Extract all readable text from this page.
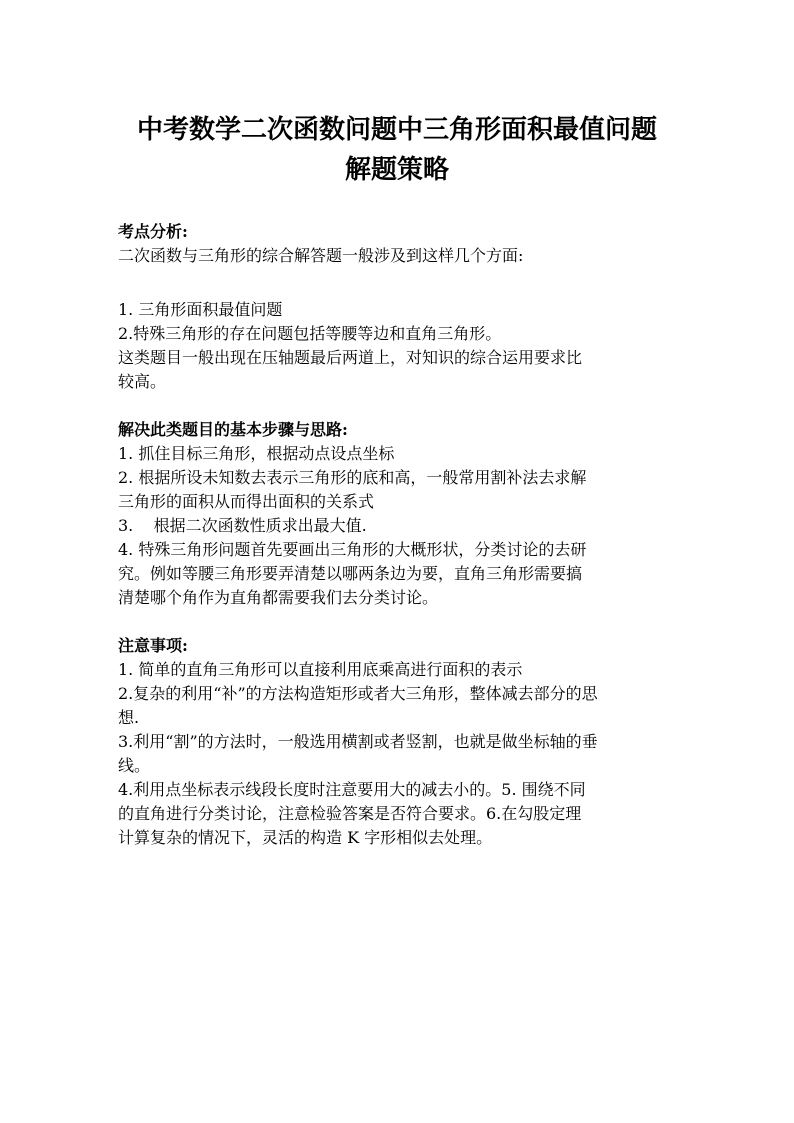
中考数学二次函数问题中三角形面积最值问题
解题策略

考点分析:

二次函数与三角形的综合解答题一般涉及到这样几个方面:

1. 三角形面积最值问题

2.特殊三角形的存在问题包括等腰等边和直角三角形。

这类题目一般出现在压轴题最后两道上，对知识的综合运用要求比

较高。

解决此类题目的基本步骤与思路:

1. 抓住目标三角形，根据动点设点坐标

2. 根据所设未知数去表示三角形的底和高，一般常用割补法去求解

三角形的面积从而得出面积的关系式

3.    根据二次函数性质求出最大值.

4. 特殊三角形问题首先要画出三角形的大概形状，分类讨论的去研

究。例如等腰三角形要弄清楚以哪两条边为要，直角三角形需要搞

清楚哪个角作为直角都需要我们去分类讨论。

注意事项:

1. 简单的直角三角形可以直接利用底乘高进行面积的表示

2.复杂的利用“补”的方法构造矩形或者大三角形，整体减去部分的思

想.

3.利用“割”的方法时，一般选用横割或者竖割，也就是做坐标轴的垂

线。

4.利用点坐标表示线段长度时注意要用大的减去小的。5. 围绕不同

的直角进行分类讨论，注意检验答案是否符合要求。6.在勾股定理

计算复杂的情况下，灵活的构造 K 字形相似去处理。
